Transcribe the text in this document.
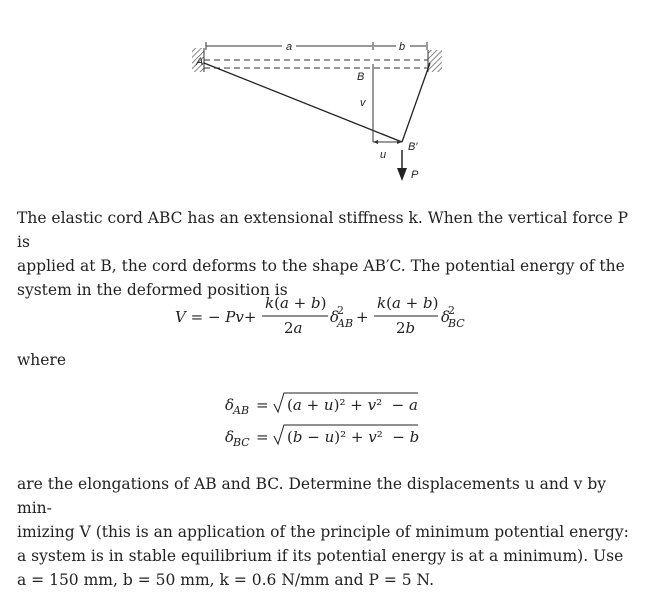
a	b
A
B
v
u
B′
P
The elastic cord ABC has an extensional stiffness k. When the vertical force P is
applied at B, the cord deforms to the shape AB′C. The potential energy of the
system in the deformed position is
V = − Pv+
k(a + b)
2a
δ
2
AB +
k(a + b)
2b
δ
2
BC
where
δ
AB = (a + u)² + v²  − a
δ
BC = (b − u)² + v²  − b
are the elongations of AB and BC. Determine the displacements u and v by min-
imizing V (this is an application of the principle of minimum potential energy:
a system is in stable equilibrium if its potential energy is at a minimum). Use
a = 150 mm, b = 50 mm, k = 0.6 N/mm and P = 5 N.
